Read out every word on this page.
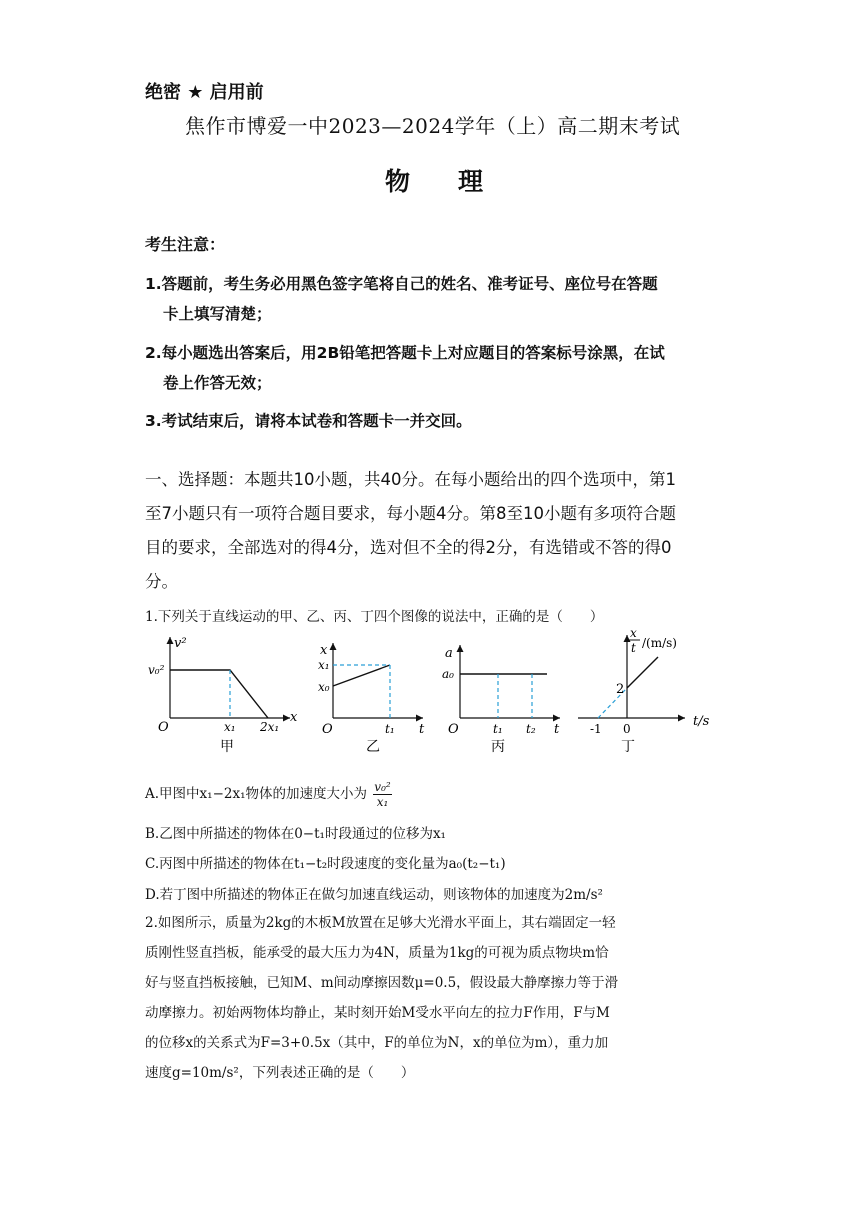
绝密 ★ 启用前
焦作市博爱一中2023—2024学年（上）高二期末考试
物理
考生注意：
1.答题前，考生务必用黑色签字笔将自己的姓名、准考证号、座位号在答题
卡上填写清楚；
2.每小题选出答案后，用2B铅笔把答题卡上对应题目的答案标号涂黑，在试
卷上作答无效；
3.考试结束后，请将本试卷和答题卡一并交回。
一、选择题：本题共10小题，共40分。在每小题给出的四个选项中，第1
至7小题只有一项符合题目要求，每小题4分。第8至10小题有多项符合题
目的要求，全部选对的得4分，选对但不全的得2分，有选错或不答的得0
分。
1.下列关于直线运动的甲、乙、丙、丁四个图像的说法中，正确的是（　　）
v²
v₀²
O	x₁ 2x₁
x
甲
x
x₁
x₀
O	t₁ t
乙
a
a₀
O	t₁ t₂ t
丙
x
t /(m/s)
2
-1 0	t/s
丁
A.甲图中x₁−2x₁物体的加速度大小为 $\frac{\text{v₀²}}{\text{x₁}}$
B.乙图中所描述的物体在0−t₁时段通过的位移为x₁
C.丙图中所描述的物体在t₁−t₂时段速度的变化量为a₀(t₂−t₁)
D.若丁图中所描述的物体正在做匀加速直线运动，则该物体的加速度为2m/s²
2.如图所示，质量为2kg的木板M放置在足够大光滑水平面上，其右端固定一轻
质刚性竖直挡板，能承受的最大压力为4N，质量为1kg的可视为质点物块m恰
好与竖直挡板接触，已知M、m间动摩擦因数μ=0.5，假设最大静摩擦力等于滑
动摩擦力。初始两物体均静止，某时刻开始M受水平向左的拉力F作用，F与M
的位移x的关系式为F=3+0.5x（其中，F的单位为N，x的单位为m），重力加
速度g=10m/s²，下列表述正确的是（　　）
